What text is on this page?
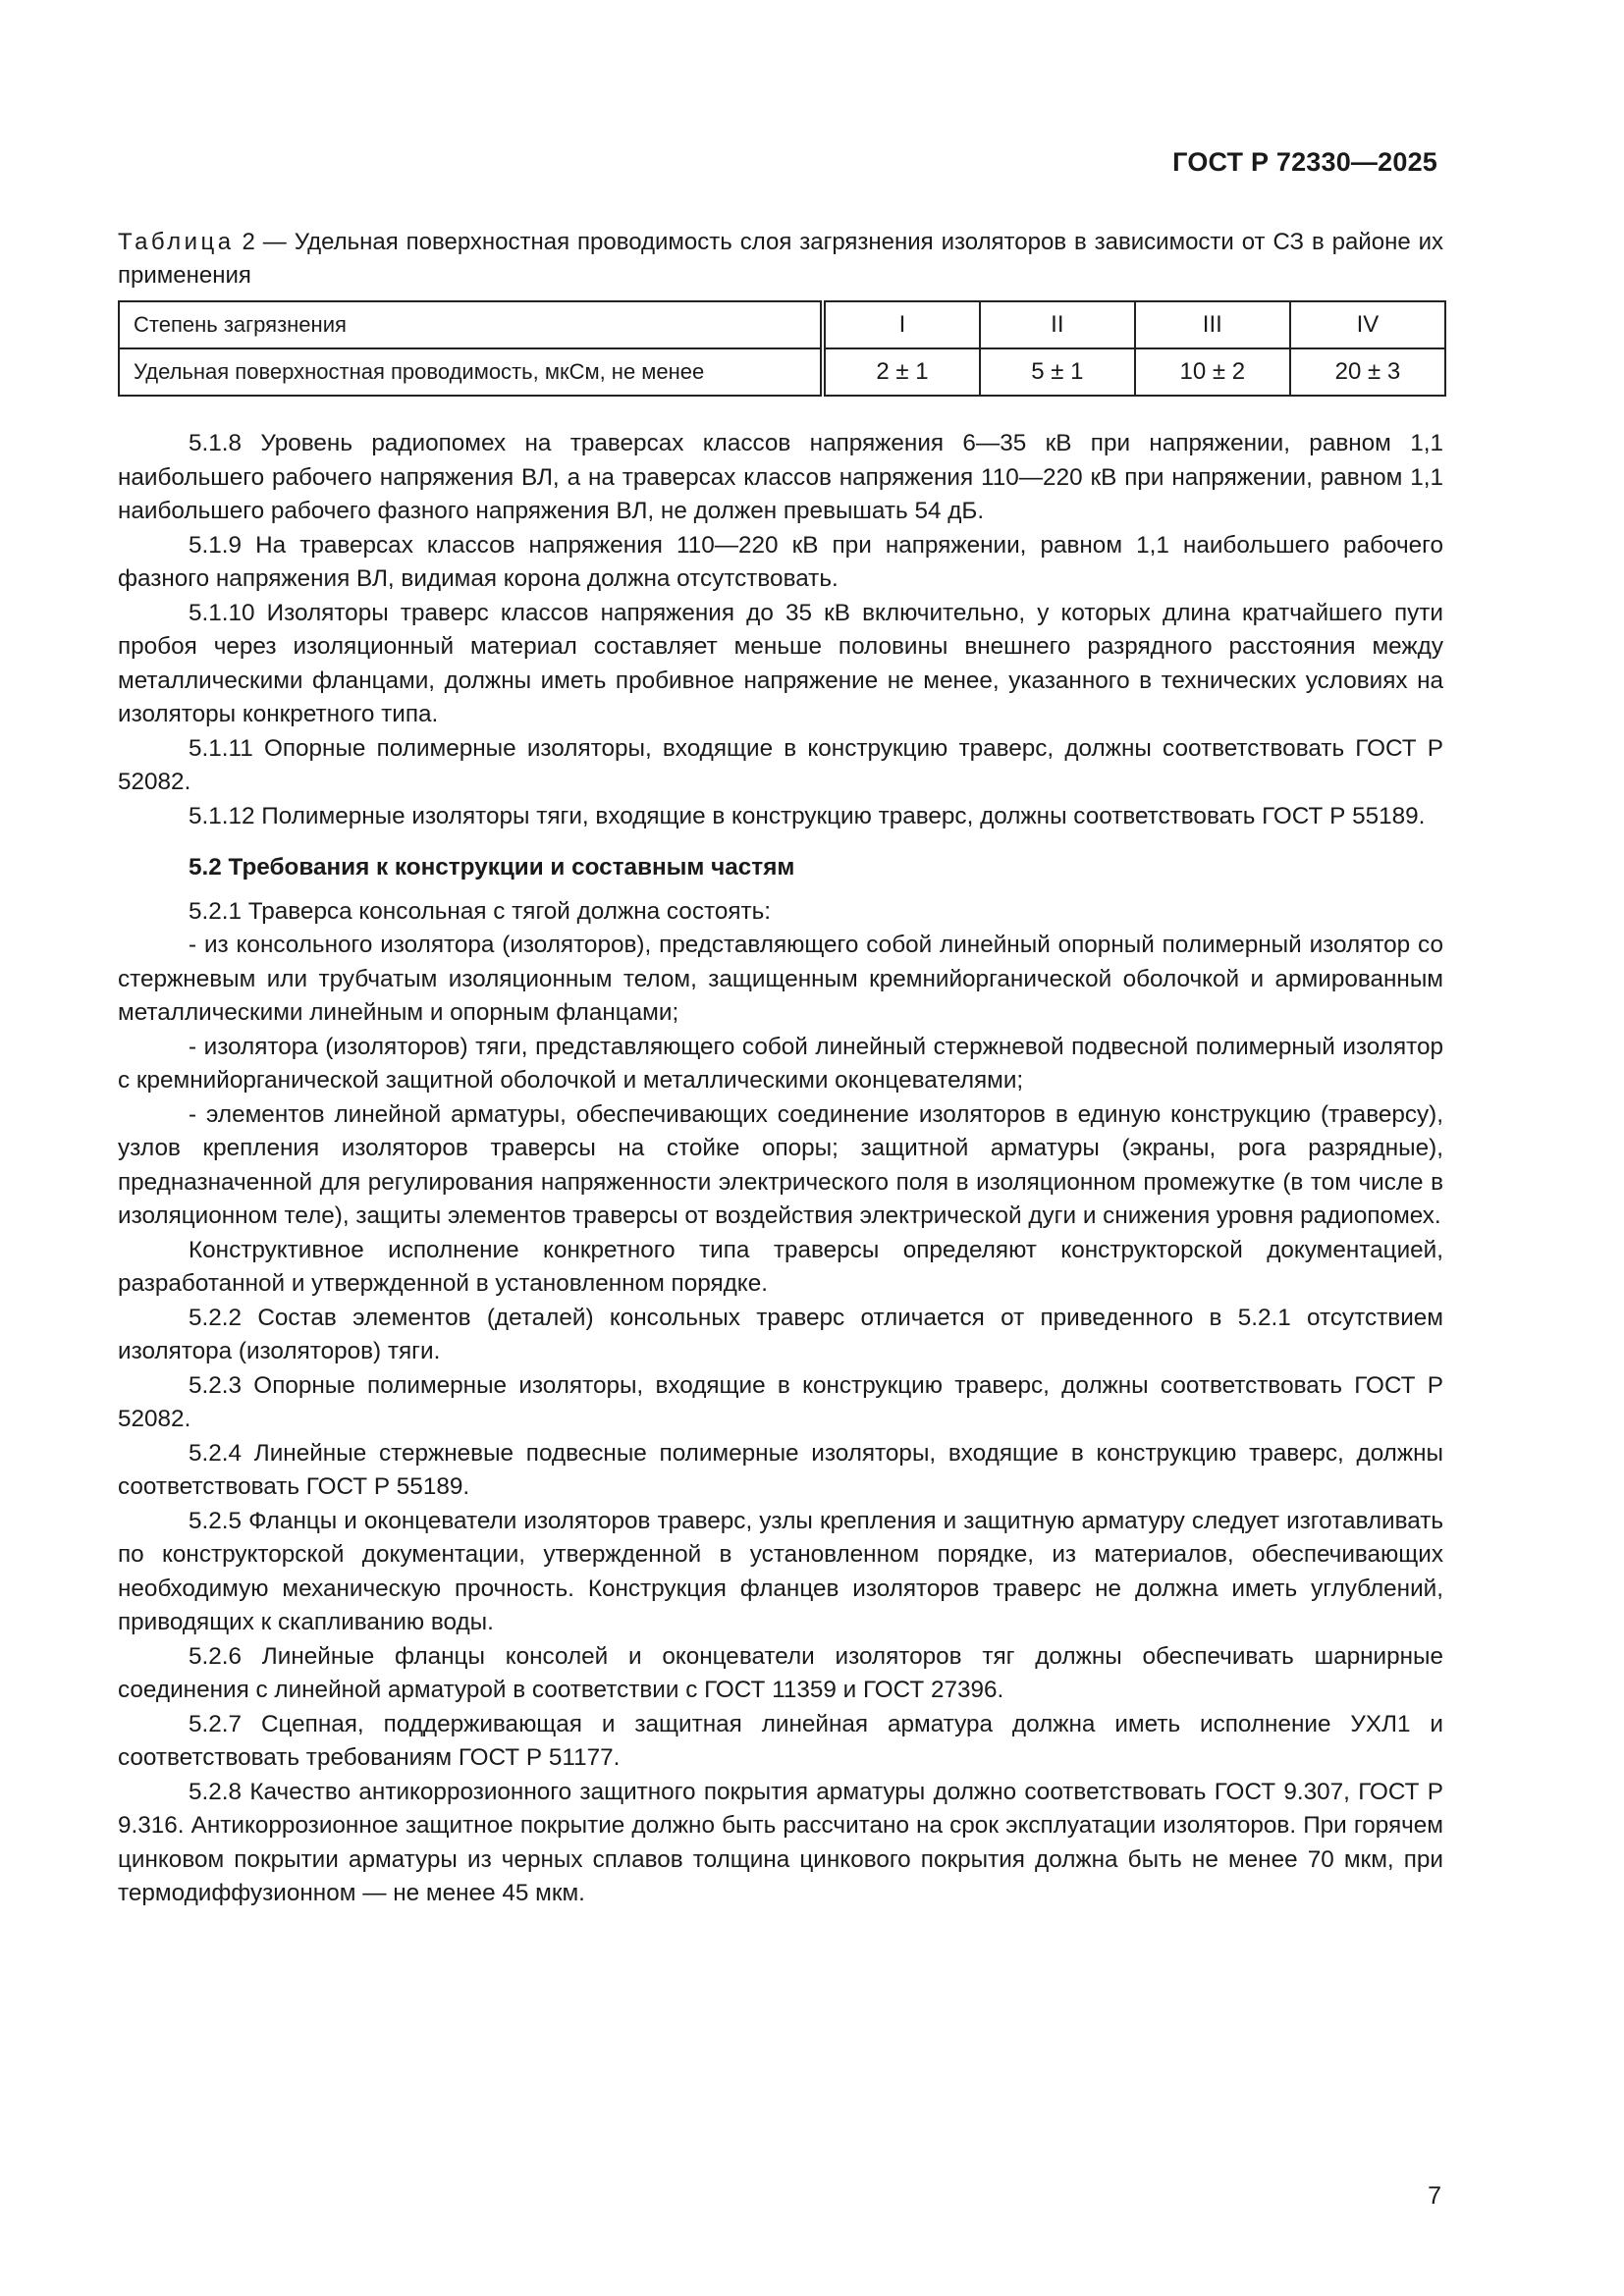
ГОСТ Р 72330—2025
Таблица 2 — Удельная поверхностная проводимость слоя загрязнения изоляторов в зависимости от СЗ в районе их применения
Степень загрязнения	I	II	III	IV
Удельная поверхностная проводимость, мкСм, не менее	2 ± 1	5 ± 1	10 ± 2	20 ± 3

5.1.8 Уровень радиопомех на траверсах классов напряжения 6—35 кВ при напряжении, равном 1,1 наибольшего рабочего напряжения ВЛ, а на траверсах классов напряжения 110—220 кВ при напряжении, равном 1,1 наибольшего рабочего фазного напряжения ВЛ, не должен превышать 54 дБ.

5.1.9 На траверсах классов напряжения 110—220 кВ при напряжении, равном 1,1 наибольшего рабочего фазного напряжения ВЛ, видимая корона должна отсутствовать.

5.1.10 Изоляторы траверс классов напряжения до 35 кВ включительно, у которых длина кратчайшего пути пробоя через изоляционный материал составляет меньше половины внешнего разрядного расстояния между металлическими фланцами, должны иметь пробивное напряжение не менее, указанного в технических условиях на изоляторы конкретного типа.

5.1.11 Опорные полимерные изоляторы, входящие в конструкцию траверс, должны соответствовать ГОСТ Р 52082.

5.1.12 Полимерные изоляторы тяги, входящие в конструкцию траверс, должны соответствовать ГОСТ Р 55189.

5.2 Требования к конструкции и составным частям

5.2.1 Траверса консольная с тягой должна состоять:

- из консольного изолятора (изоляторов), представляющего собой линейный опорный полимерный изолятор со стержневым или трубчатым изоляционным телом, защищенным кремнийорганической оболочкой и армированным металлическими линейным и опорным фланцами;

- изолятора (изоляторов) тяги, представляющего собой линейный стержневой подвесной полимерный изолятор с кремнийорганической защитной оболочкой и металлическими оконцевателями;

- элементов линейной арматуры, обеспечивающих соединение изоляторов в единую конструкцию (траверсу), узлов крепления изоляторов траверсы на стойке опоры; защитной арматуры (экраны, рога разрядные), предназначенной для регулирования напряженности электрического поля в изоляционном промежутке (в том числе в изоляционном теле), защиты элементов траверсы от воздействия электрической дуги и снижения уровня радиопомех.

Конструктивное исполнение конкретного типа траверсы определяют конструкторской документацией, разработанной и утвержденной в установленном порядке.

5.2.2 Состав элементов (деталей) консольных траверс отличается от приведенного в 5.2.1 отсутствием изолятора (изоляторов) тяги.

5.2.3 Опорные полимерные изоляторы, входящие в конструкцию траверс, должны соответствовать ГОСТ Р 52082.

5.2.4 Линейные стержневые подвесные полимерные изоляторы, входящие в конструкцию траверс, должны соответствовать ГОСТ Р 55189.

5.2.5 Фланцы и оконцеватели изоляторов траверс, узлы крепления и защитную арматуру следует изготавливать по конструкторской документации, утвержденной в установленном порядке, из материалов, обеспечивающих необходимую механическую прочность. Конструкция фланцев изоляторов траверс не должна иметь углублений, приводящих к скапливанию воды.

5.2.6 Линейные фланцы консолей и оконцеватели изоляторов тяг должны обеспечивать шарнирные соединения с линейной арматурой в соответствии с ГОСТ 11359 и ГОСТ 27396.

5.2.7 Сцепная, поддерживающая и защитная линейная арматура должна иметь исполнение УХЛ1 и соответствовать требованиям ГОСТ Р 51177.

5.2.8 Качество антикоррозионного защитного покрытия арматуры должно соответствовать ГОСТ 9.307, ГОСТ Р 9.316. Антикоррозионное защитное покрытие должно быть рассчитано на срок эксплуатации изоляторов. При горячем цинковом покрытии арматуры из черных сплавов толщина цинкового покрытия должна быть не менее 70 мкм, при термодиффузионном — не менее 45 мкм.

7
